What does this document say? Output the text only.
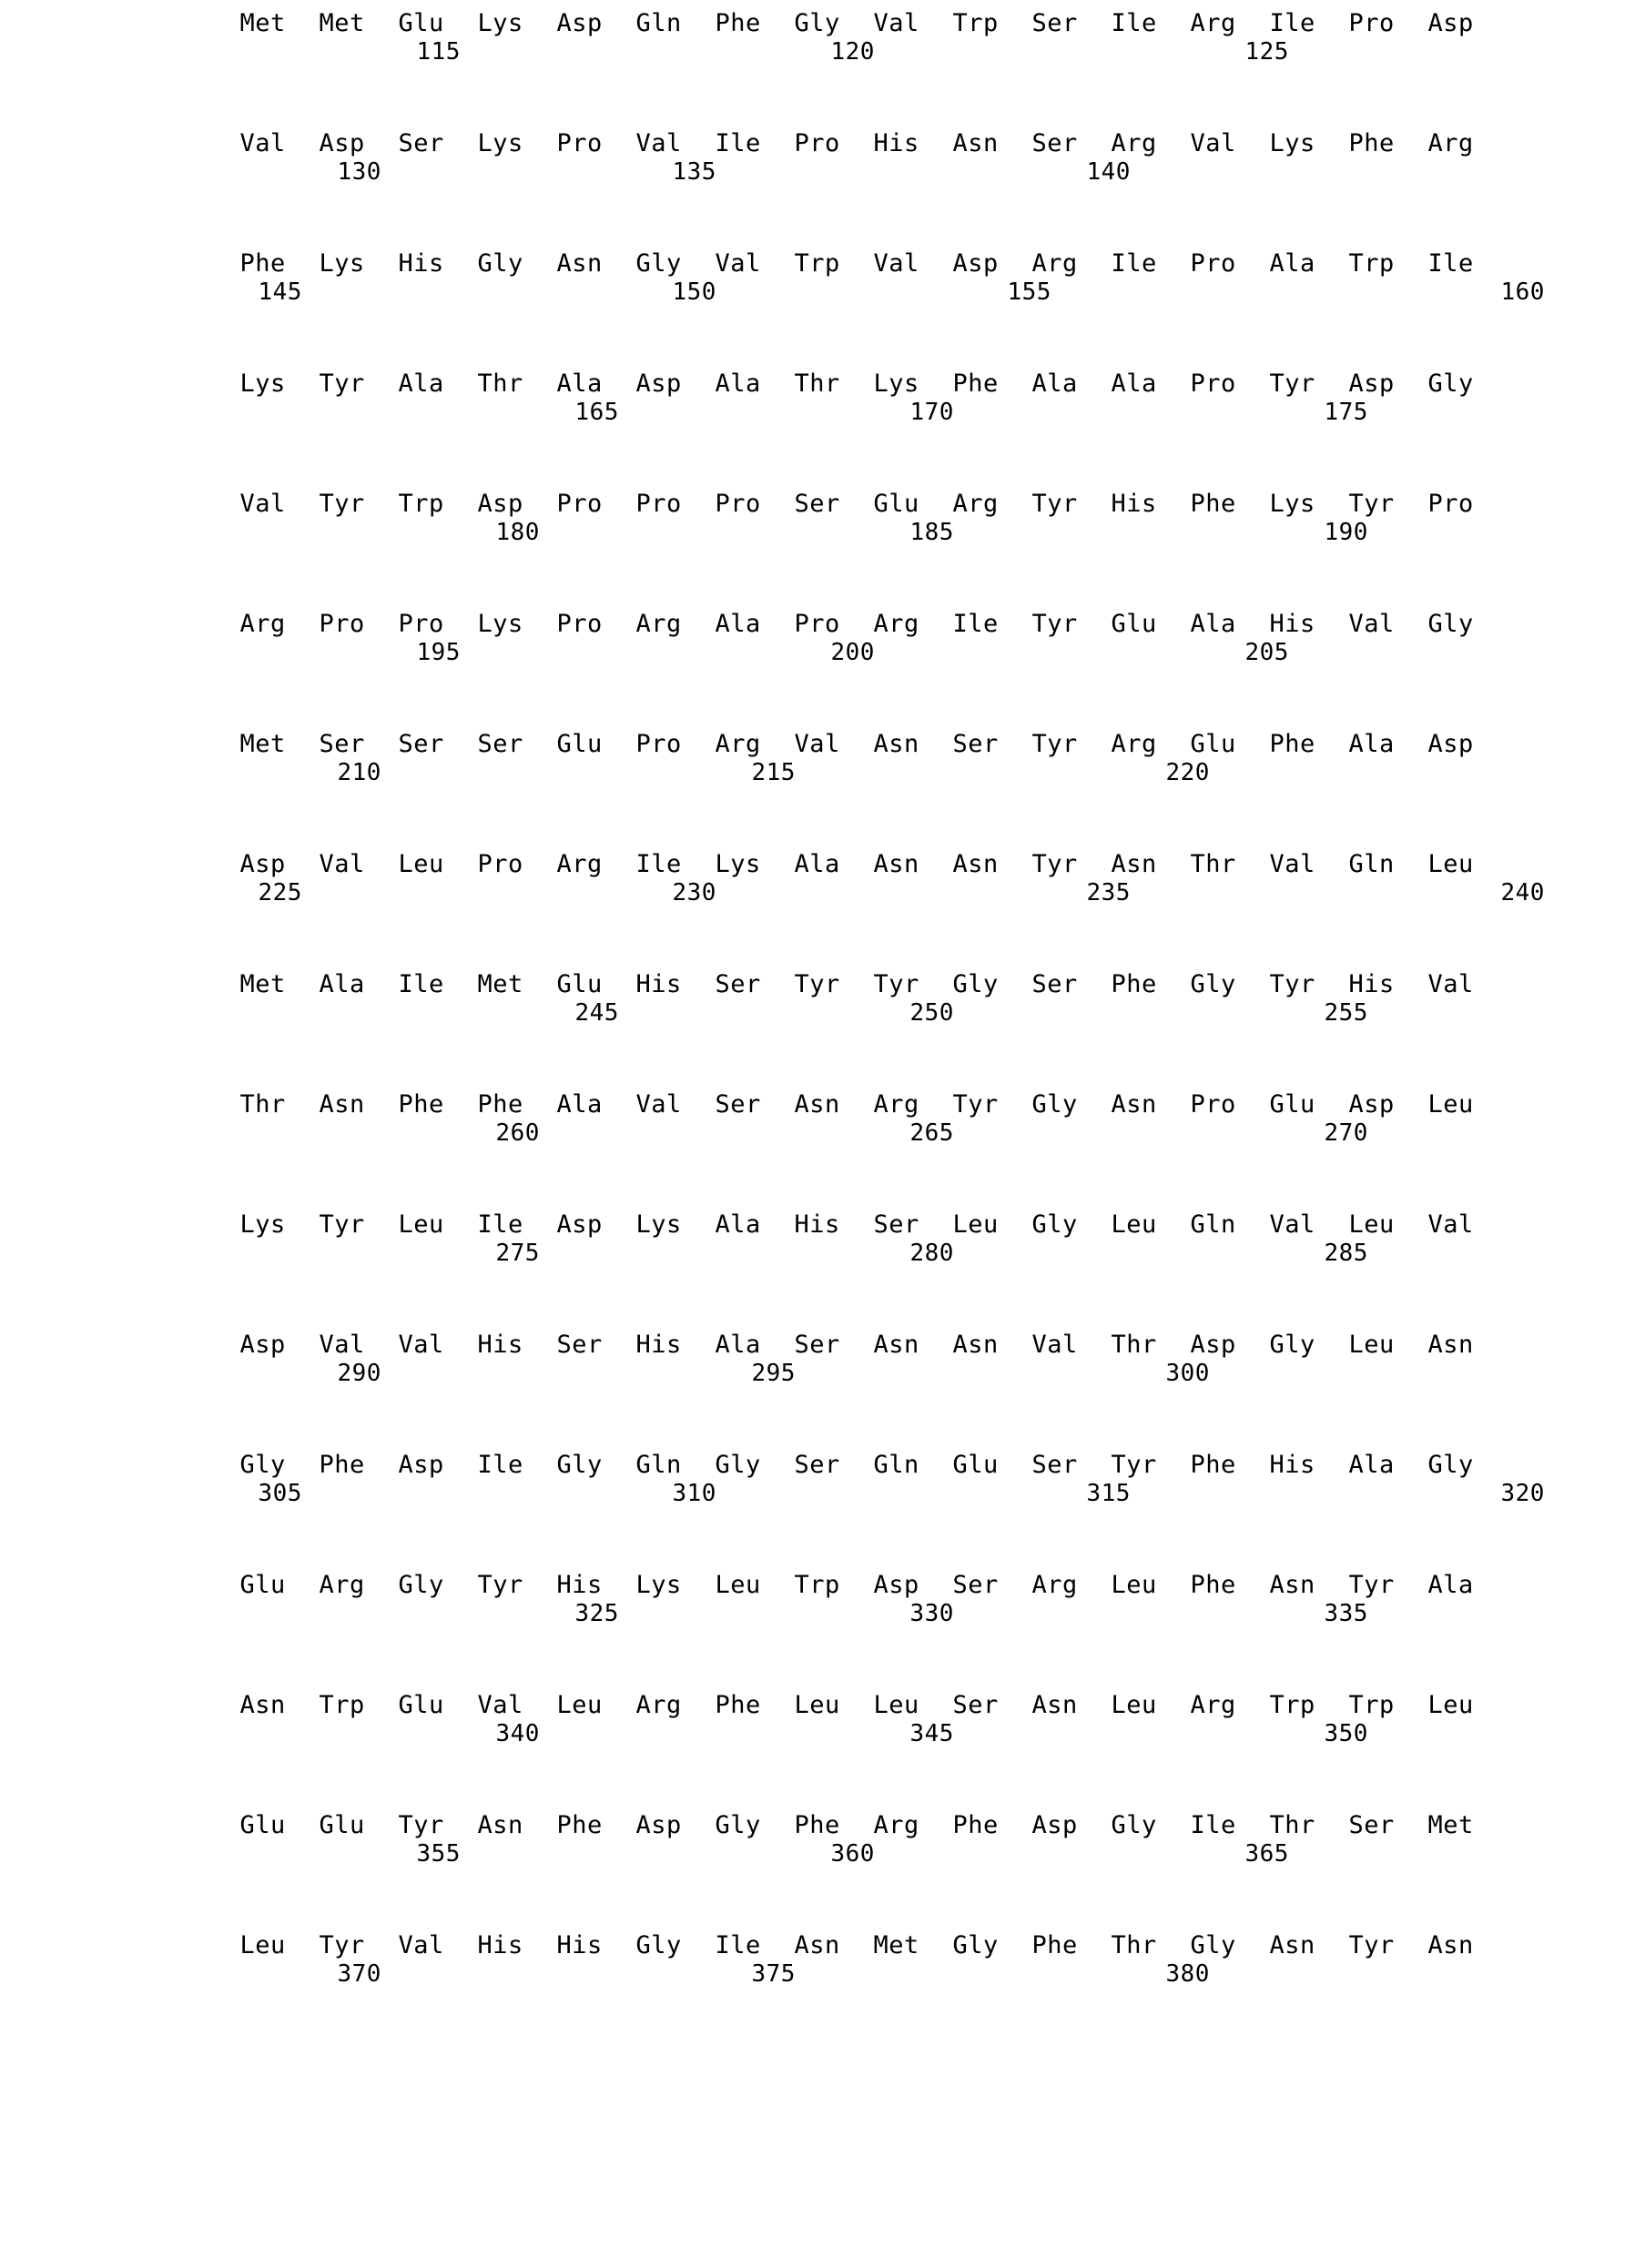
Met	Met	Glu	Lys	Asp	Gln	Phe	Gly	Val	Trp	Ser	Ile	Arg	Ile	Pro	Asp
115	120	125
Val	Asp	Ser	Lys	Pro	Val	Ile	Pro	His	Asn	Ser	Arg	Val	Lys	Phe	Arg
130	135	140
Phe	Lys	His	Gly	Asn	Gly	Val	Trp	Val	Asp	Arg	Ile	Pro	Ala	Trp	Ile
145	150	155	160
Lys	Tyr	Ala	Thr	Ala	Asp	Ala	Thr	Lys	Phe	Ala	Ala	Pro	Tyr	Asp	Gly
165	170	175
Val	Tyr	Trp	Asp	Pro	Pro	Pro	Ser	Glu	Arg	Tyr	His	Phe	Lys	Tyr	Pro
180	185	190
Arg	Pro	Pro	Lys	Pro	Arg	Ala	Pro	Arg	Ile	Tyr	Glu	Ala	His	Val	Gly
195	200	205
Met	Ser	Ser	Ser	Glu	Pro	Arg	Val	Asn	Ser	Tyr	Arg	Glu	Phe	Ala	Asp
210	215	220
Asp	Val	Leu	Pro	Arg	Ile	Lys	Ala	Asn	Asn	Tyr	Asn	Thr	Val	Gln	Leu
225	230	235	240
Met	Ala	Ile	Met	Glu	His	Ser	Tyr	Tyr	Gly	Ser	Phe	Gly	Tyr	His	Val
245	250	255
Thr	Asn	Phe	Phe	Ala	Val	Ser	Asn	Arg	Tyr	Gly	Asn	Pro	Glu	Asp	Leu
260	265	270
Lys	Tyr	Leu	Ile	Asp	Lys	Ala	His	Ser	Leu	Gly	Leu	Gln	Val	Leu	Val
275	280	285
Asp	Val	Val	His	Ser	His	Ala	Ser	Asn	Asn	Val	Thr	Asp	Gly	Leu	Asn
290	295	300
Gly	Phe	Asp	Ile	Gly	Gln	Gly	Ser	Gln	Glu	Ser	Tyr	Phe	His	Ala	Gly
305	310	315	320
Glu	Arg	Gly	Tyr	His	Lys	Leu	Trp	Asp	Ser	Arg	Leu	Phe	Asn	Tyr	Ala
325	330	335
Asn	Trp	Glu	Val	Leu	Arg	Phe	Leu	Leu	Ser	Asn	Leu	Arg	Trp	Trp	Leu
340	345	350
Glu	Glu	Tyr	Asn	Phe	Asp	Gly	Phe	Arg	Phe	Asp	Gly	Ile	Thr	Ser	Met
355	360	365
Leu	Tyr	Val	His	His	Gly	Ile	Asn	Met	Gly	Phe	Thr	Gly	Asn	Tyr	Asn
370	375	380
